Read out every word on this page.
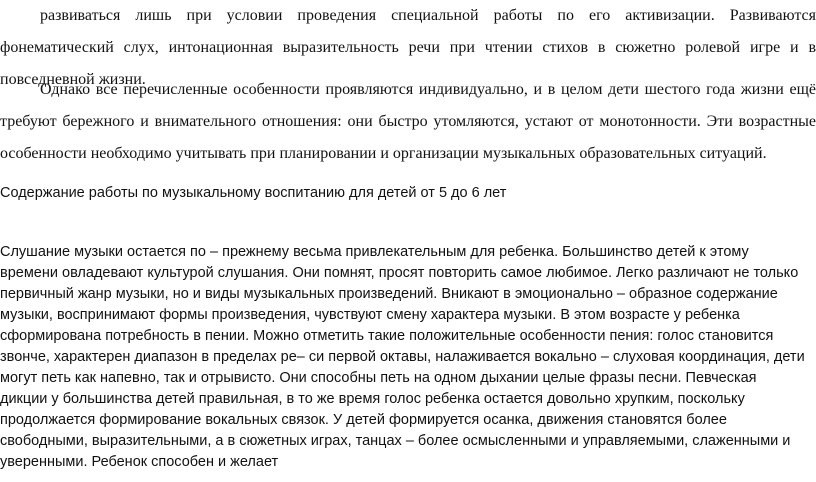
развиваться лишь при условии проведения специальной работы по его активизации. Развиваются фонематический слух, интонационная выразительность речи при чтении стихов в сюжетно ролевой игре и в повседневной жизни.

Однако все перечисленные особенности проявляются индивидуально, и в целом дети шестого года жизни ещё требуют бережного и внимательного отношения: они быстро утомляются, устают от монотонности. Эти возрастные особенности необходимо учитывать при планировании и организации музыкальных образовательных ситуаций.

Содержание работы по музыкальному воспитанию для детей от 5 до 6 лет

Слушание музыки остается по – прежнему весьма привлекательным для ребенка. Большинство детей к этому времени овладевают культурой слушания. Они помнят, просят повторить самое любимое. Легко различают не только первичный жанр музыки, но и виды музыкальных произведений. Вникают в эмоционально – образное содержание музыки, воспринимают формы произведения, чувствуют смену характера музыки. В этом возрасте у ребенка сформирована потребность в пении. Можно отметить такие положительные особенности пения: голос становится звонче, характерен диапазон в пределах ре– си первой октавы, налаживается вокально – слуховая координация, дети могут петь как напевно, так и отрывисто. Они способны петь на одном дыхании целые фразы песни. Певческая дикции у большинства детей правильная, в то же время голос ребенка остается довольно хрупким, поскольку продолжается формирование вокальных связок. У детей формируется осанка, движения становятся более свободными, выразительными, а в сюжетных играх, танцах – более осмысленными и управляемыми, слаженными и уверенными. Ребенок способен и желает
